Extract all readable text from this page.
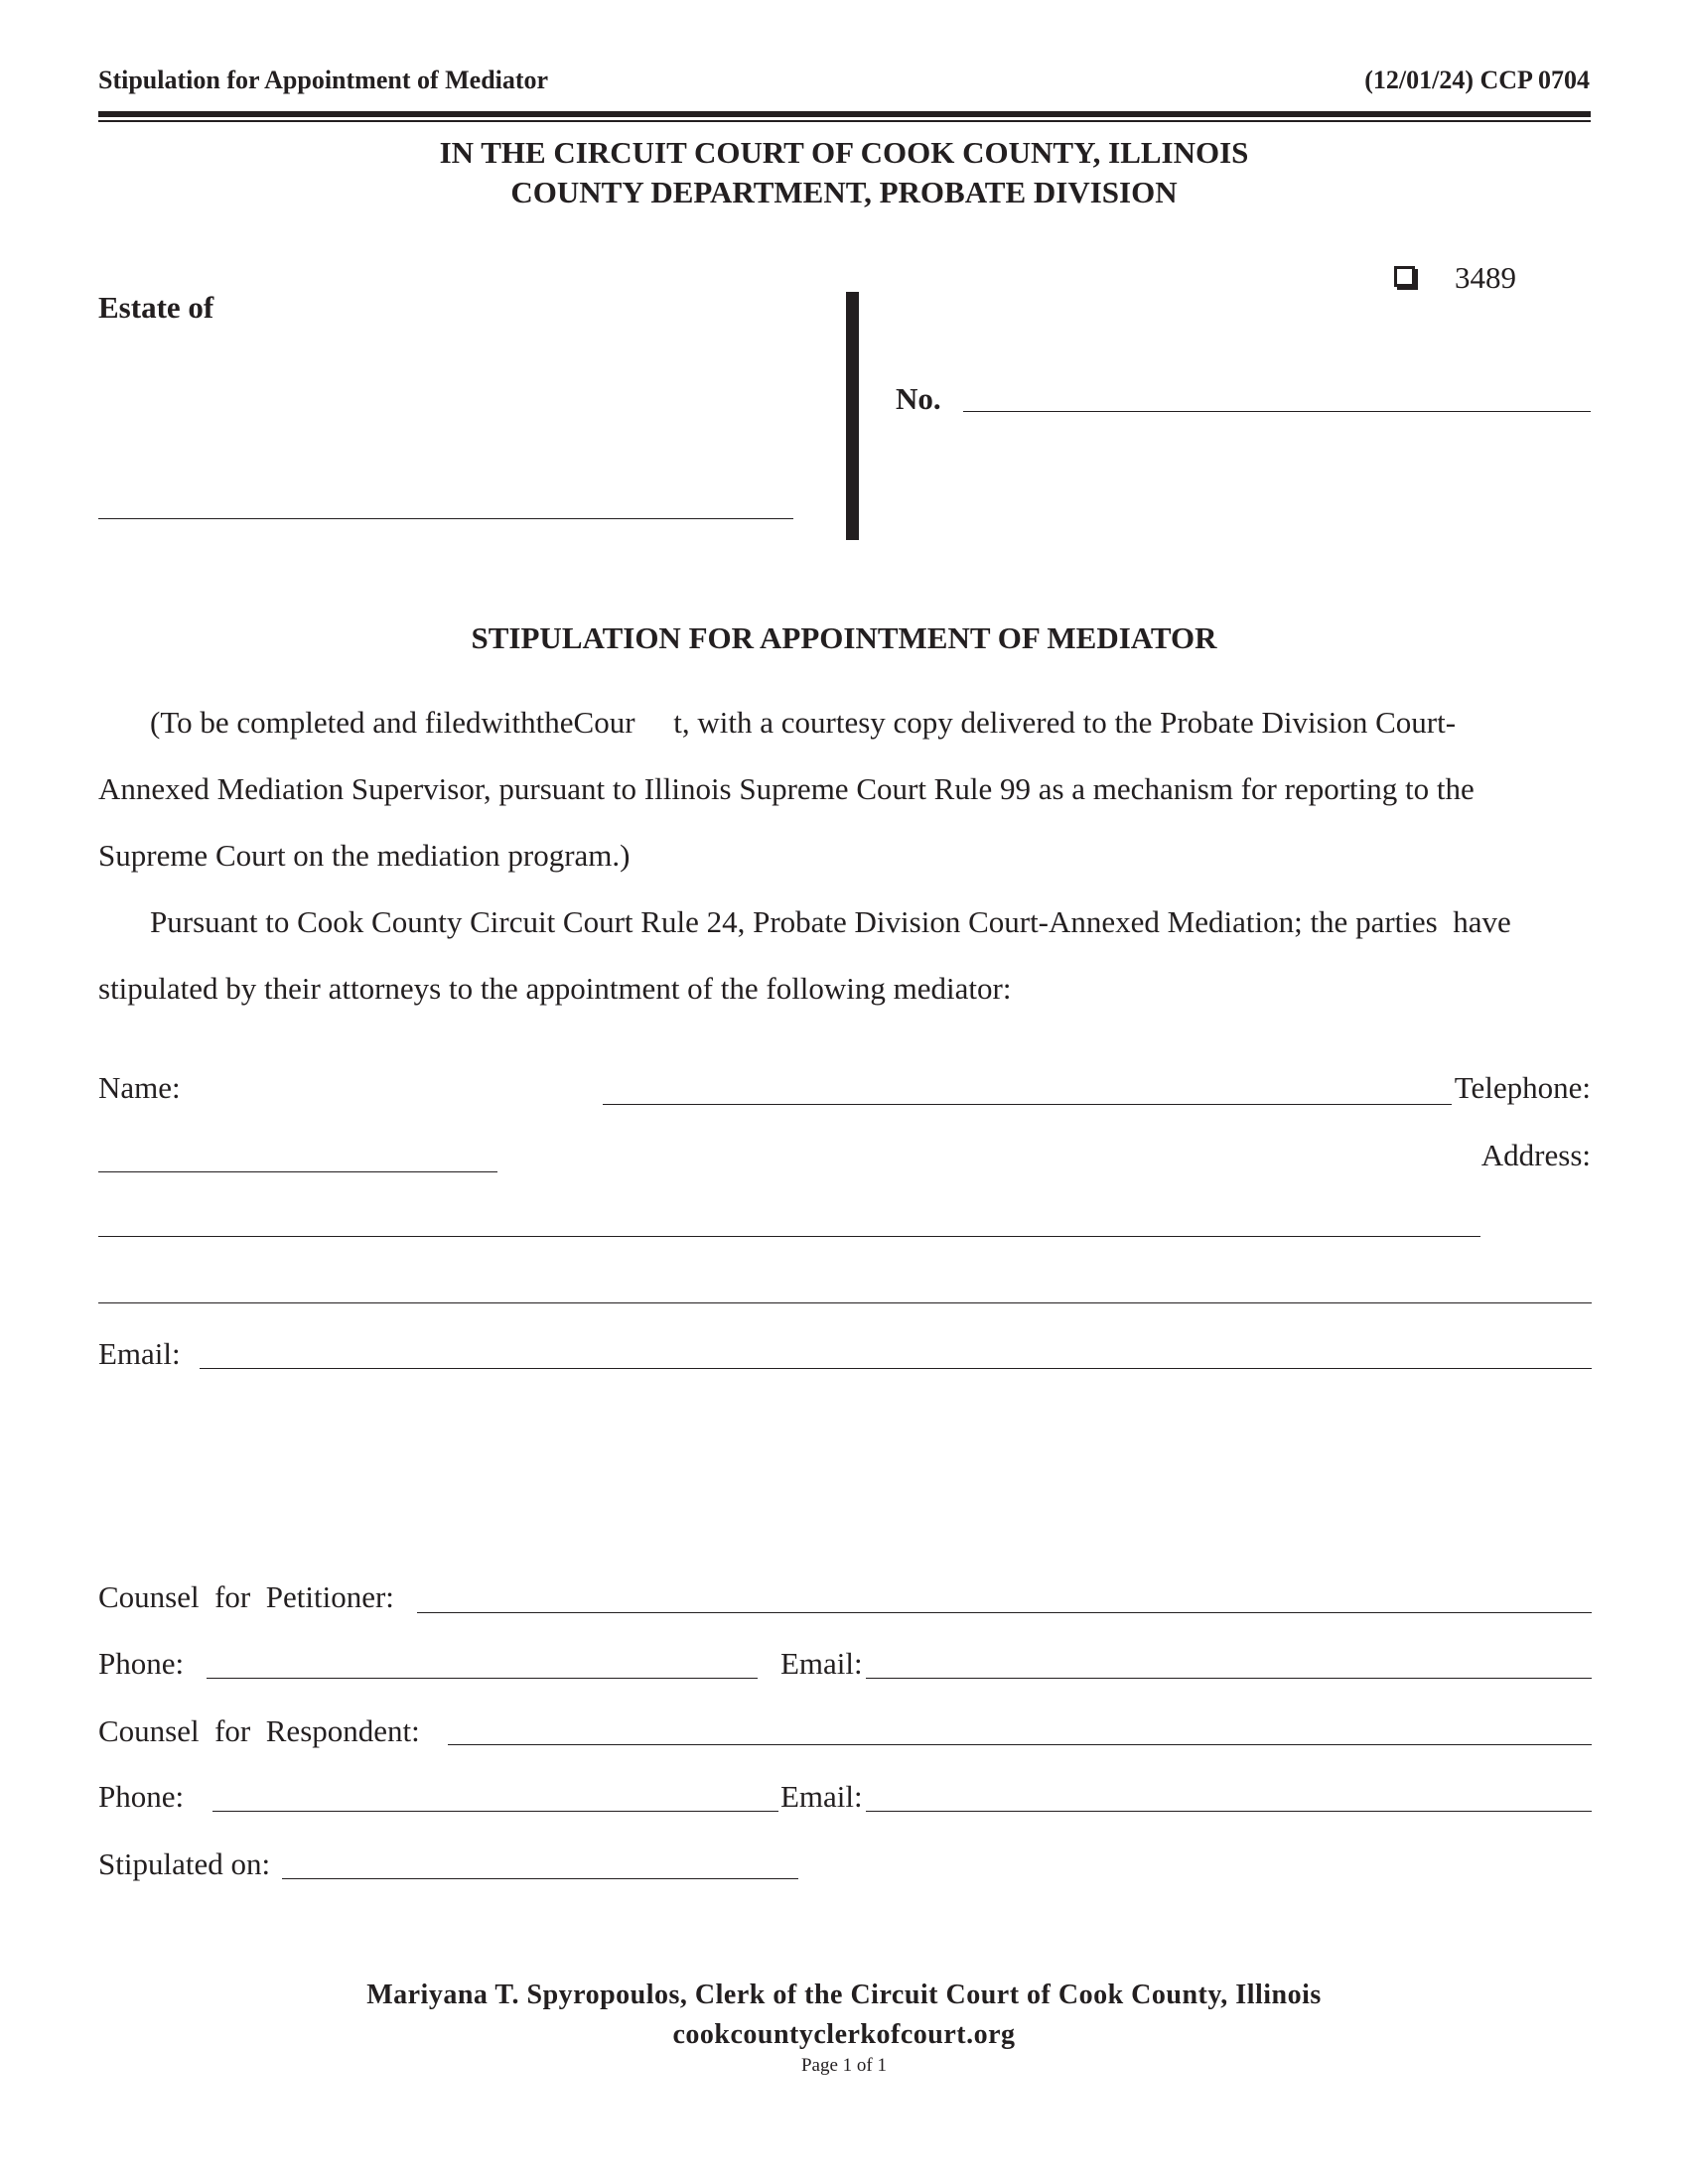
Stipulation for Appointment of Mediator	(12/01/24) CCP 0704
IN THE CIRCUIT COURT OF COOK COUNTY, ILLINOIS
COUNTY DEPARTMENT, PROBATE DIVISION
Estate of
3489
No.
STIPULATION FOR APPOINTMENT OF MEDIATOR
(To be completed and filedwiththeCour     t, with a courtesy copy delivered to the Probate Division Court-
Annexed Mediation Supervisor, pursuant to Illinois Supreme Court Rule 99 as a mechanism for reporting to the
Supreme Court on the mediation program.)
Pursuant to Cook County Circuit Court Rule 24, Probate Division Court-Annexed Mediation; the parties  have
stipulated by their attorneys to the appointment of the following mediator:
Name:	Telephone:
Address:
Email:
Counsel  for  Petitioner:
Phone:	Email:
Counsel  for  Respondent:
Phone:	Email:
Stipulated on:
Mariyana T. Spyropoulos, Clerk of the Circuit Court of Cook County, Illinois
cookcountyclerkofcourt.org
Page 1 of 1
